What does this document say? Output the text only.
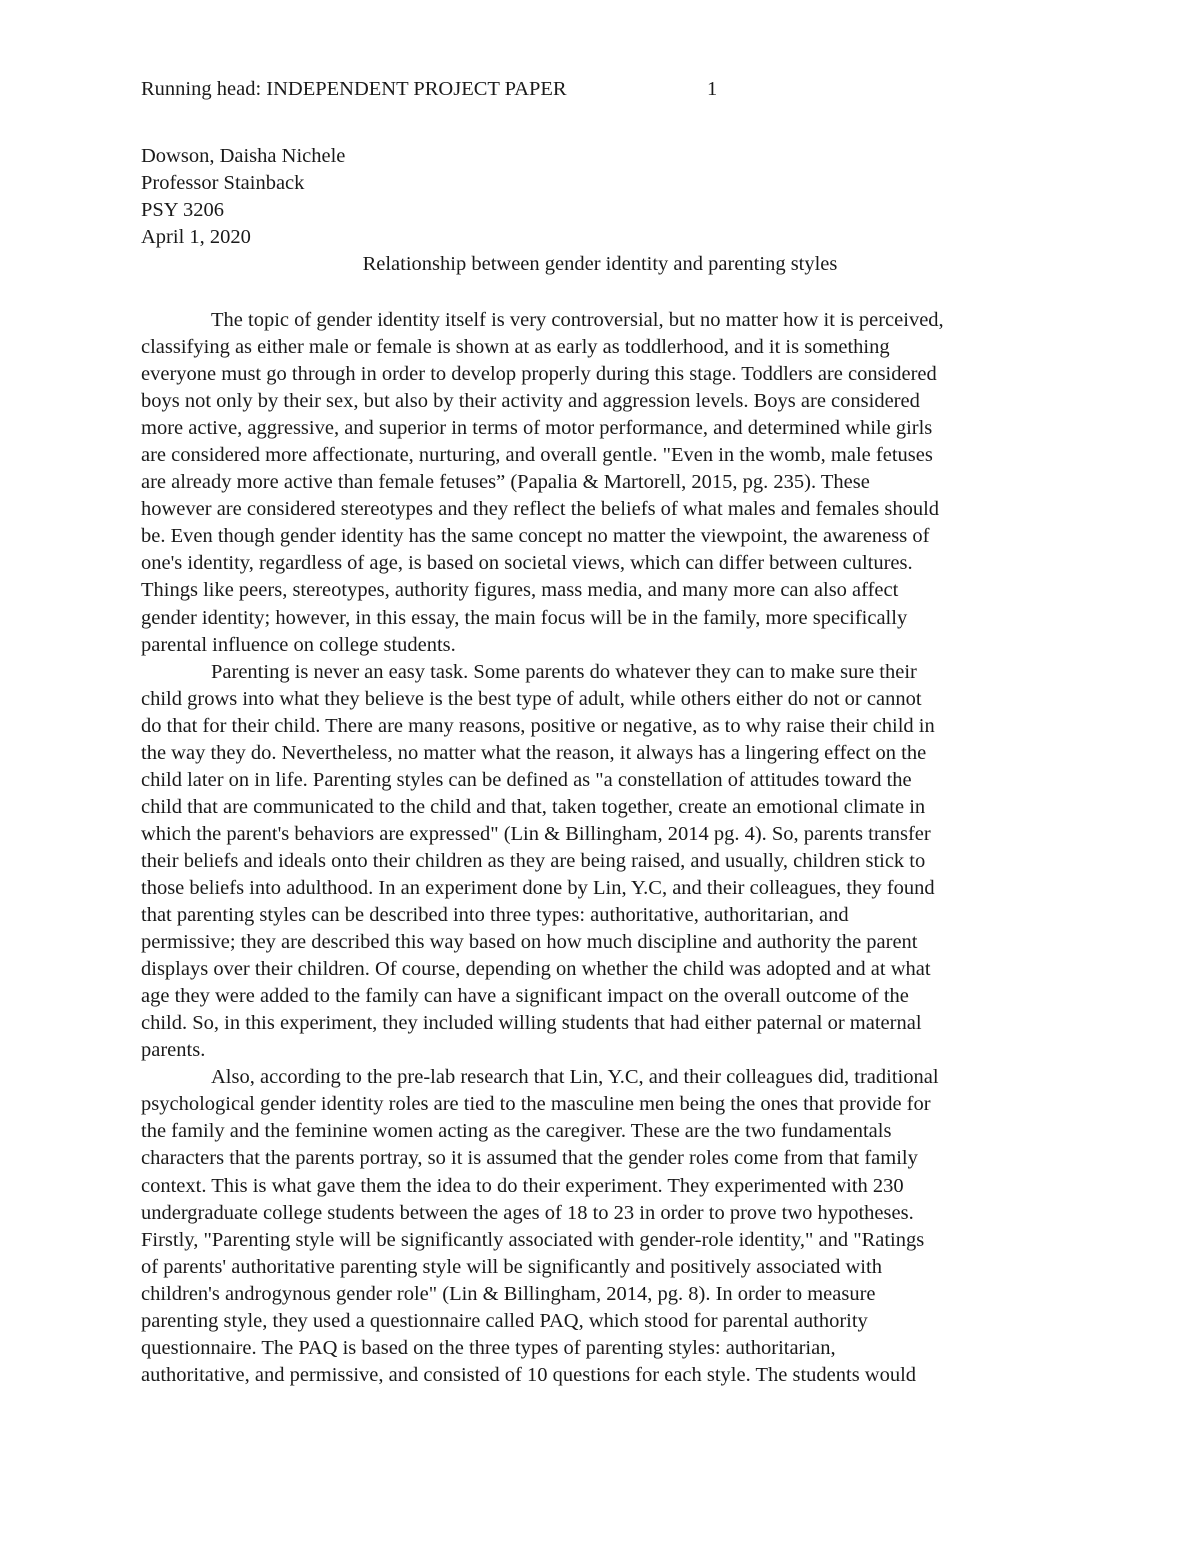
Running head: INDEPENDENT PROJECT PAPER	1
Dowson, Daisha Nichele
Professor Stainback
PSY 3206
April 1, 2020
Relationship between gender identity and parenting styles
The topic of gender identity itself is very controversial, but no matter how it is perceived,
classifying as either male or female is shown at as early as toddlerhood, and it is something
everyone must go through in order to develop properly during this stage. Toddlers are considered
boys not only by their sex, but also by their activity and aggression levels. Boys are considered
more active, aggressive, and superior in terms of motor performance, and determined while girls
are considered more affectionate, nurturing, and overall gentle. "Even in the womb, male fetuses
are already more active than female fetuses” (Papalia & Martorell, 2015, pg. 235). These
however are considered stereotypes and they reflect the beliefs of what males and females should
be. Even though gender identity has the same concept no matter the viewpoint, the awareness of
one's identity, regardless of age, is based on societal views, which can differ between cultures.
Things like peers, stereotypes, authority figures, mass media, and many more can also affect
gender identity; however, in this essay, the main focus will be in the family, more specifically
parental influence on college students.
Parenting is never an easy task. Some parents do whatever they can to make sure their
child grows into what they believe is the best type of adult, while others either do not or cannot
do that for their child. There are many reasons, positive or negative, as to why raise their child in
the way they do. Nevertheless, no matter what the reason, it always has a lingering effect on the
child later on in life. Parenting styles can be defined as "a constellation of attitudes toward the
child that are communicated to the child and that, taken together, create an emotional climate in
which the parent's behaviors are expressed" (Lin & Billingham, 2014 pg. 4). So, parents transfer
their beliefs and ideals onto their children as they are being raised, and usually, children stick to
those beliefs into adulthood. In an experiment done by Lin, Y.C, and their colleagues, they found
that parenting styles can be described into three types: authoritative, authoritarian, and
permissive; they are described this way based on how much discipline and authority the parent
displays over their children. Of course, depending on whether the child was adopted and at what
age they were added to the family can have a significant impact on the overall outcome of the
child. So, in this experiment, they included willing students that had either paternal or maternal
parents.
Also, according to the pre-lab research that Lin, Y.C, and their colleagues did, traditional
psychological gender identity roles are tied to the masculine men being the ones that provide for
the family and the feminine women acting as the caregiver. These are the two fundamentals
characters that the parents portray, so it is assumed that the gender roles come from that family
context. This is what gave them the idea to do their experiment. They experimented with 230
undergraduate college students between the ages of 18 to 23 in order to prove two hypotheses.
Firstly, "Parenting style will be significantly associated with gender-role identity," and "Ratings
of parents' authoritative parenting style will be significantly and positively associated with
children's androgynous gender role" (Lin & Billingham, 2014, pg. 8). In order to measure
parenting style, they used a questionnaire called PAQ, which stood for parental authority
questionnaire. The PAQ is based on the three types of parenting styles: authoritarian,
authoritative, and permissive, and consisted of 10 questions for each style. The students would
